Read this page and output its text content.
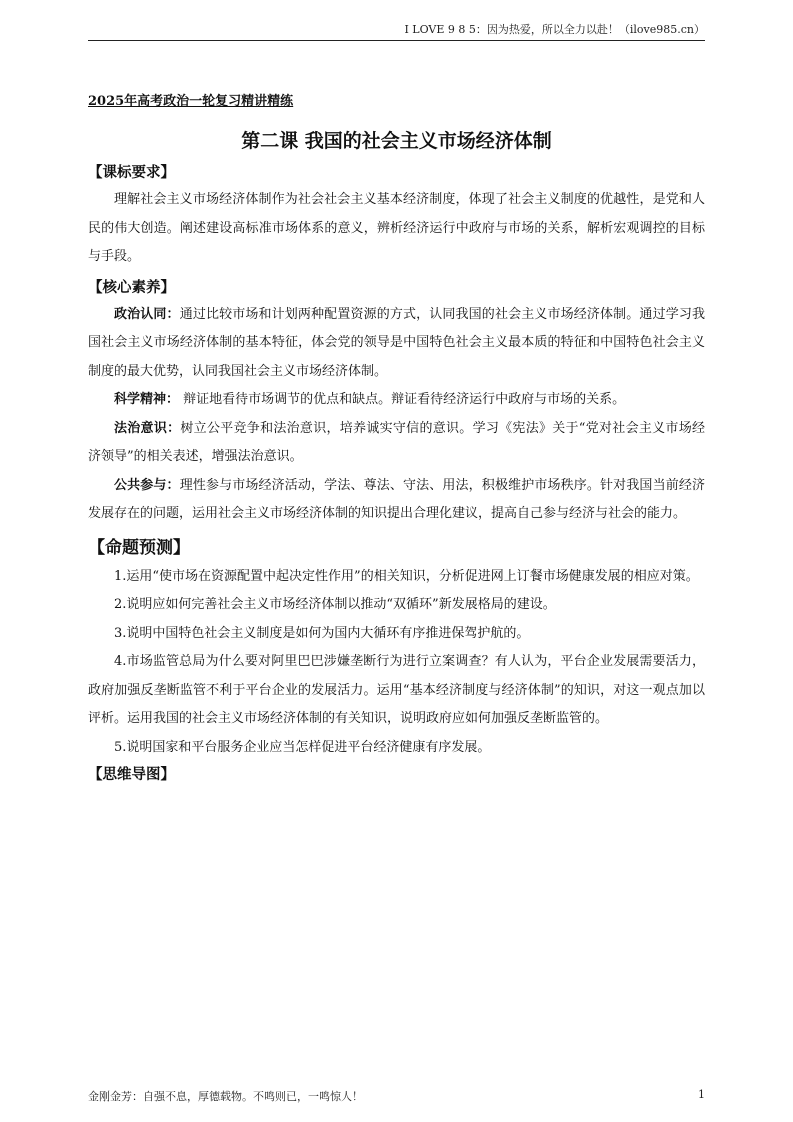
I LOVE 9 8 5：因为热爱，所以全力以赴！（ilove985.cn）
2025年高考政治一轮复习精讲精练
第二课 我国的社会主义市场经济体制
【课标要求】

理解社会主义市场经济体制作为社会社会主义基本经济制度，体现了社会主义制度的优越性，是党和人民的伟大创造。阐述建设高标准市场体系的意义，辨析经济运行中政府与市场的关系，解析宏观调控的目标与手段。

【核心素养】

政治认同：通过比较市场和计划两种配置资源的方式，认同我国的社会主义市场经济体制。通过学习我国社会主义市场经济体制的基本特征，体会党的领导是中国特色社会主义最本质的特征和中国特色社会主义制度的最大优势，认同我国社会主义市场经济体制。

科学精神： 辩证地看待市场调节的优点和缺点。辩证看待经济运行中政府与市场的关系。

法治意识：树立公平竞争和法治意识，培养诚实守信的意识。学习《宪法》关于“党对社会主义市场经济领导”的相关表述，增强法治意识。

公共参与：理性参与市场经济活动，学法、尊法、守法、用法，积极维护市场秩序。针对我国当前经济发展存在的问题，运用社会主义市场经济体制的知识提出合理化建议，提高自己参与经济与社会的能力。

【命题预测】

1.运用“使市场在资源配置中起决定性作用”的相关知识，分析促进网上订餐市场健康发展的相应对策。

2.说明应如何完善社会主义市场经济体制以推动“双循环”新发展格局的建设。

3.说明中国特色社会主义制度是如何为国内大循环有序推进保驾护航的。

4.市场监管总局为什么要对阿里巴巴涉嫌垄断行为进行立案调查？有人认为，平台企业发展需要活力，政府加强反垄断监管不利于平台企业的发展活力。运用“基本经济制度与经济体制”的知识，对这一观点加以评析。运用我国的社会主义市场经济体制的有关知识，说明政府应如何加强反垄断监管的。

5.说明国家和平台服务企业应当怎样促进平台经济健康有序发展。

【思维导图】
金刚金芳：自强不息，厚德载物。不鸣则已，一鸣惊人！	1
